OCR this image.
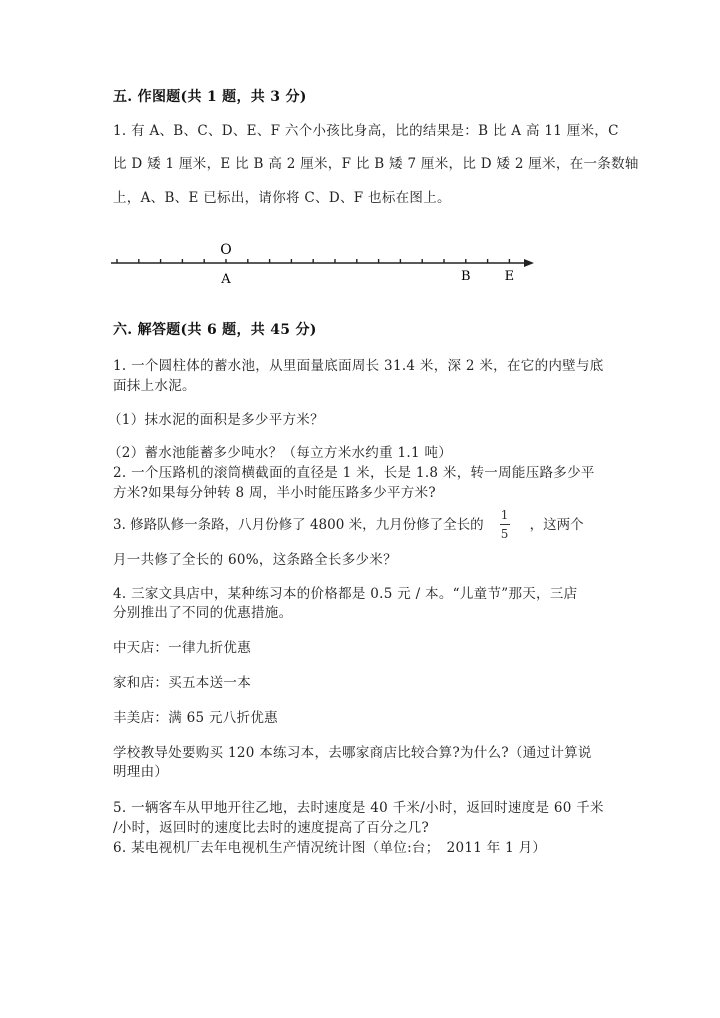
五. 作图题(共 1 题，共 3 分)
1. 有 A、B、C、D、E、F 六个小孩比身高，比的结果是：B 比 A 高 11 厘米，C
比 D 矮 1 厘米，E 比 B 高 2 厘米，F 比 B 矮 7 厘米，比 D 矮 2 厘米，在一条数轴
上，A、B、E 已标出，请你将 C、D、F 也标在图上。
O
A	B	E
六. 解答题(共 6 题，共 45 分)
1. 一个圆柱体的蓄水池，从里面量底面周长 31.4 米，深 2 米，在它的内壁与底
面抹上水泥。
（1）抹水泥的面积是多少平方米？
（2）蓄水池能蓄多少吨水？（每立方米水约重 1.1 吨）
2. 一个压路机的滚筒横截面的直径是 1 米，长是 1.8 米，转一周能压路多少平
方米?如果每分钟转 8 周，半小时能压路多少平方米?
3. 修路队修一条路，八月份修了 4800 米，九月份修了全长的 $\frac{1}{5}$ ，这两个
月一共修了全长的 60%，这条路全长多少米？
4. 三家文具店中，某种练习本的价格都是 0.5 元 / 本。“儿童节”那天，三店
分别推出了不同的优惠措施。
中天店：一律九折优惠
家和店：买五本送一本
丰美店：满 65 元八折优惠
学校教导处要购买 120 本练习本，去哪家商店比较合算?为什么?（通过计算说
明理由）
5. 一辆客车从甲地开往乙地，去时速度是 40 千米/小时，返回时速度是 60 千米
/小时，返回时的速度比去时的速度提高了百分之几?
6. 某电视机厂去年电视机生产情况统计图（单位:台；　2011 年 1 月）
